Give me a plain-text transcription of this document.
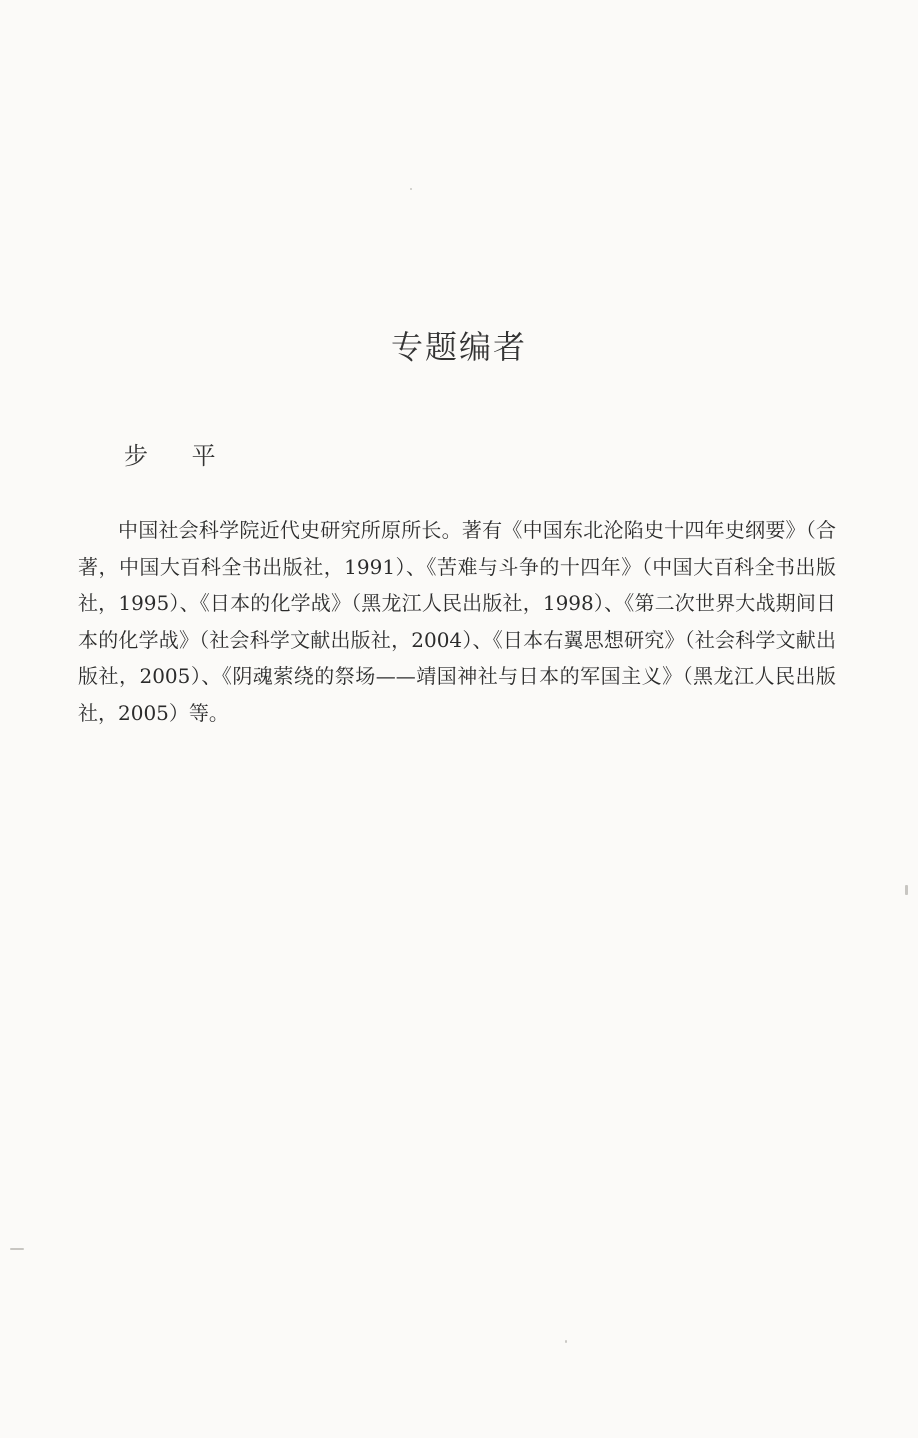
专题编者
步 平

中国社会科学院近代史研究所原所长。著有《中国东北沦陷史十四年史纲要》（合著，中国大百科全书出版社，1991）、《苦难与斗争的十四年》（中国大百科全书出版社，1995）、《日本的化学战》（黑龙江人民出版社，1998）、《第二次世界大战期间日本的化学战》（社会科学文献出版社，2004）、《日本右翼思想研究》（社会科学文献出版社，2005）、《阴魂萦绕的祭场——靖国神社与日本的军国主义》（黑龙江人民出版社，2005）等。
